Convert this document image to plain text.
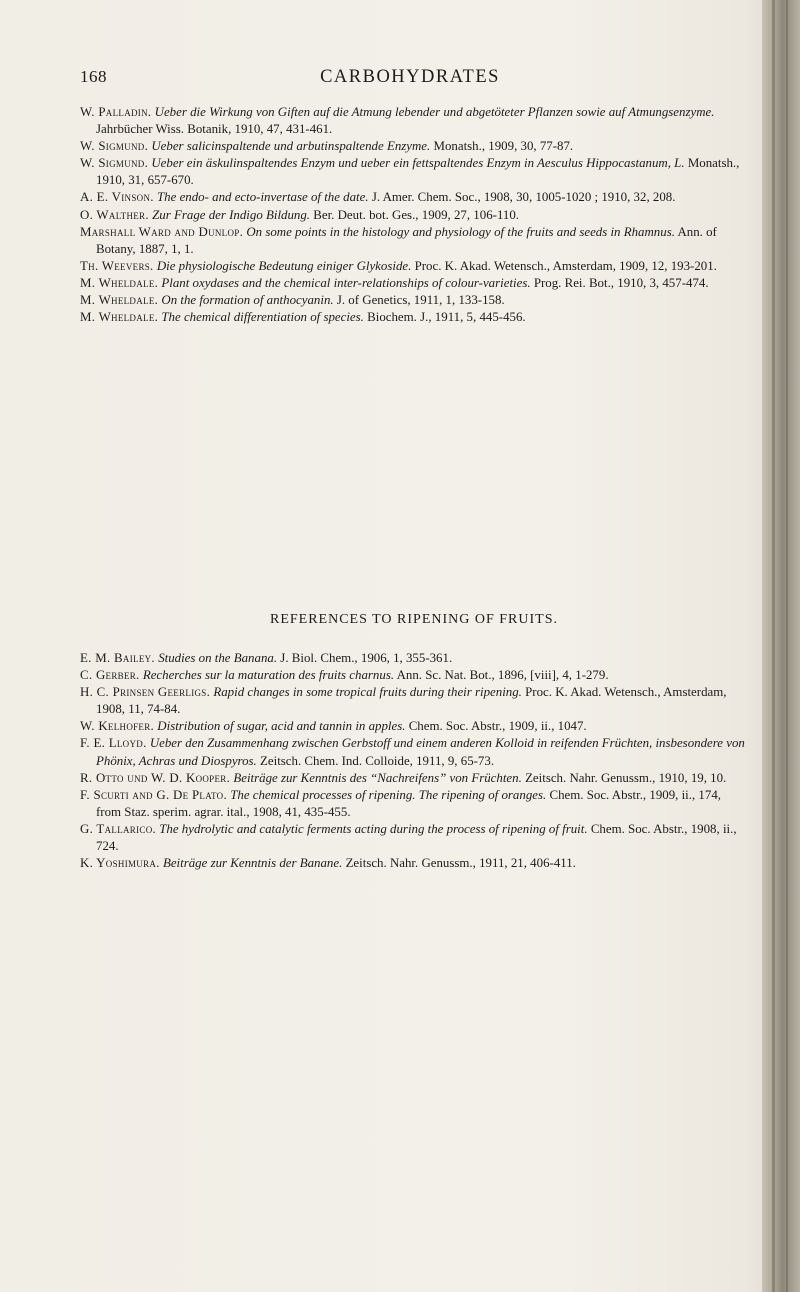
168	CARBOHYDRATES

W. Palladin. Ueber die Wirkung von Giften auf die Atmung lebender und abgetöteter Pflanzen sowie auf Atmungsenzyme. Jahrbücher Wiss. Botanik, 1910, 47, 431-461.

W. Sigmund. Ueber salicinspaltende und arbutinspaltende Enzyme. Monatsh., 1909, 30, 77-87.

W. Sigmund. Ueber ein äskulinspaltendes Enzym und ueber ein fettspaltendes Enzym in Aesculus Hippocastanum, L. Monatsh., 1910, 31, 657-670.

A. E. Vinson. The endo- and ecto-invertase of the date. J. Amer. Chem. Soc., 1908, 30, 1005-1020 ; 1910, 32, 208.

O. Walther. Zur Frage der Indigo Bildung. Ber. Deut. bot. Ges., 1909, 27, 106-110.

Marshall Ward and Dunlop. On some points in the histology and physiology of the fruits and seeds in Rhamnus. Ann. of Botany, 1887, 1, 1.

Th. Weevers. Die physiologische Bedeutung einiger Glykoside. Proc. K. Akad. Wetensch., Amsterdam, 1909, 12, 193-201.

M. Wheldale. Plant oxydases and the chemical inter-relationships of colour-varieties. Prog. Rei. Bot., 1910, 3, 457-474.

M. Wheldale. On the formation of anthocyanin. J. of Genetics, 1911, 1, 133-158.

M. Wheldale. The chemical differentiation of species. Biochem. J., 1911, 5, 445-456.

REFERENCES TO RIPENING OF FRUITS.

E. M. Bailey. Studies on the Banana. J. Biol. Chem., 1906, 1, 355-361.

C. Gerber. Recherches sur la maturation des fruits charnus. Ann. Sc. Nat. Bot., 1896, [viii], 4, 1-279.

H. C. Prinsen Geerligs. Rapid changes in some tropical fruits during their ripening. Proc. K. Akad. Wetensch., Amsterdam, 1908, 11, 74-84.

W. Kelhofer. Distribution of sugar, acid and tannin in apples. Chem. Soc. Abstr., 1909, ii., 1047.

F. E. Lloyd. Ueber den Zusammenhang zwischen Gerbstoff und einem anderen Kolloid in reifenden Früchten, insbesondere von Phönix, Achras und Diospyros. Zeitsch. Chem. Ind. Colloide, 1911, 9, 65-73.

R. Otto und W. D. Kooper. Beiträge zur Kenntnis des “Nachreifens” von Früchten. Zeitsch. Nahr. Genussm., 1910, 19, 10.

F. Scurti and G. De Plato. The chemical processes of ripening. The ripening of oranges. Chem. Soc. Abstr., 1909, ii., 174, from Staz. sperim. agrar. ital., 1908, 41, 435-455.

G. Tallarico. The hydrolytic and catalytic ferments acting during the process of ripening of fruit. Chem. Soc. Abstr., 1908, ii., 724.

K. Yoshimura. Beiträge zur Kenntnis der Banane. Zeitsch. Nahr. Genussm., 1911, 21, 406-411.
